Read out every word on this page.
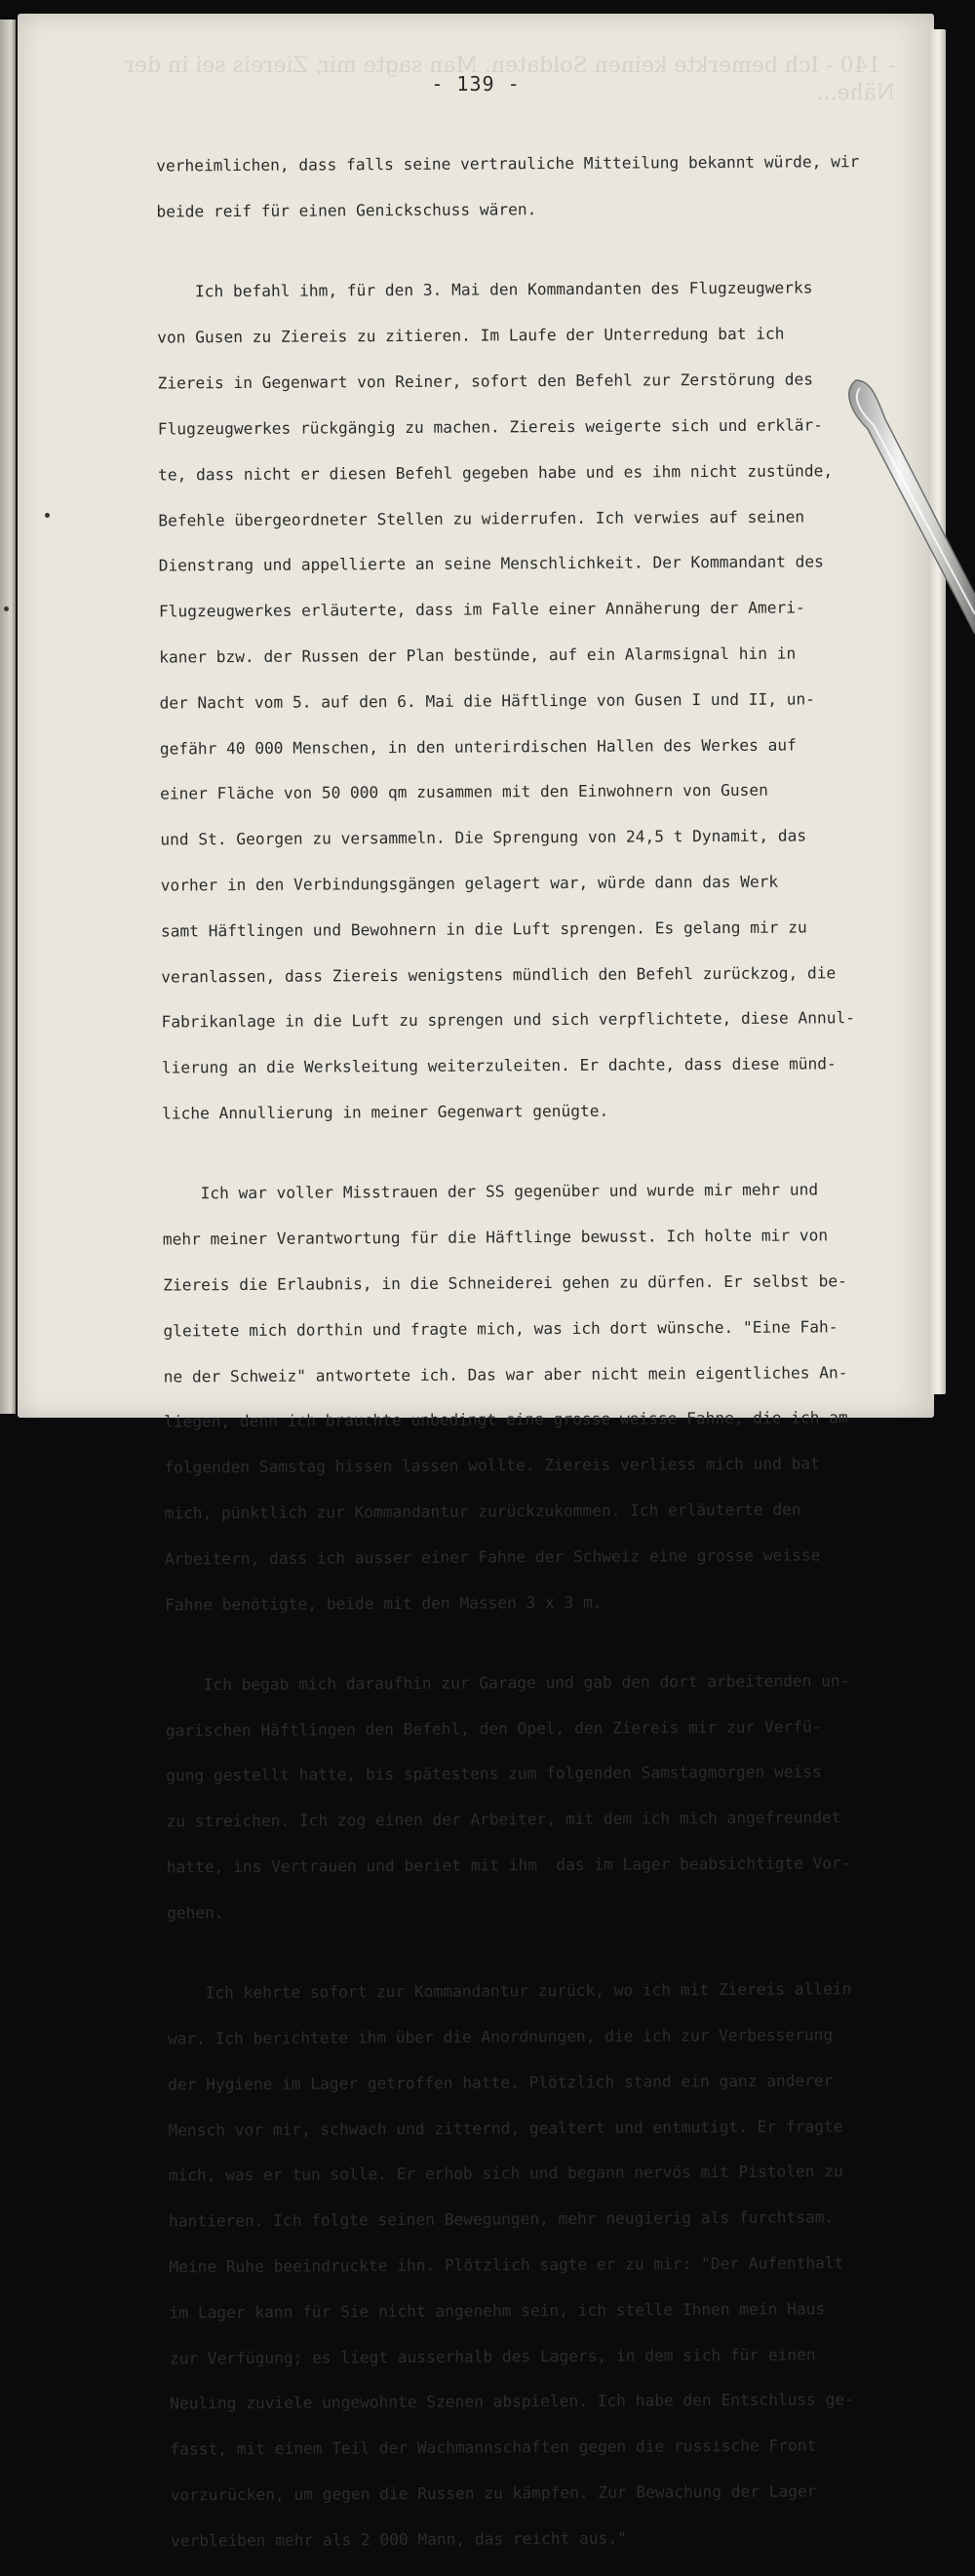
- 140 - Ich bemerkte keinen Soldaten. Man sagte mir, Ziereis sei in der Nähe...
- 139 -

verheimlichen, dass falls seine vertrauliche Mitteilung bekannt würde, wir

beide reif für einen Genickschuss wären.

Ich befahl ihm, für den 3. Mai den Kommandanten des Flugzeugwerks

von Gusen zu Ziereis zu zitieren. Im Laufe der Unterredung bat ich

Ziereis in Gegenwart von Reiner, sofort den Befehl zur Zerstörung des

Flugzeugwerkes rückgängig zu machen. Ziereis weigerte sich und erklär-

te, dass nicht er diesen Befehl gegeben habe und es ihm nicht zustünde,

Befehle übergeordneter Stellen zu widerrufen. Ich verwies auf seinen

Dienstrang und appellierte an seine Menschlichkeit. Der Kommandant des

Flugzeugwerkes erläuterte, dass im Falle einer Annäherung der Ameri-

kaner bzw. der Russen der Plan bestünde, auf ein Alarmsignal hin in

der Nacht vom 5. auf den 6. Mai die Häftlinge von Gusen I und II, un-

gefähr 40 000 Menschen, in den unterirdischen Hallen des Werkes auf

einer Fläche von 50 000 qm zusammen mit den Einwohnern von Gusen

und St. Georgen zu versammeln. Die Sprengung von 24,5 t Dynamit, das

vorher in den Verbindungsgängen gelagert war, würde dann das Werk

samt Häftlingen und Bewohnern in die Luft sprengen. Es gelang mir zu

veranlassen, dass Ziereis wenigstens mündlich den Befehl zurückzog, die

Fabrikanlage in die Luft zu sprengen und sich verpflichtete, diese Annul-

lierung an die Werksleitung weiterzuleiten. Er dachte, dass diese münd-

liche Annullierung in meiner Gegenwart genügte.

Ich war voller Misstrauen der SS gegenüber und wurde mir mehr und

mehr meiner Verantwortung für die Häftlinge bewusst. Ich holte mir von

Ziereis die Erlaubnis, in die Schneiderei gehen zu dürfen. Er selbst be-

gleitete mich dorthin und fragte mich, was ich dort wünsche. "Eine Fah-

ne der Schweiz" antwortete ich. Das war aber nicht mein eigentliches An-

liegen, denn ich brauchte unbedingt eine grosse weisse Fahne, die ich am

folgenden Samstag hissen lassen wollte. Ziereis verliess mich und bat

mich, pünktlich zur Kommandantur zurückzukommen. Ich erläuterte den

Arbeitern, dass ich ausser einer Fahne der Schweiz eine grosse weisse

Fahne benötigte, beide mit den Massen 3 x 3 m.

Ich begab mich daraufhin zur Garage und gab den dort arbeitenden un-

garischen Häftlingen den Befehl, den Opel, den Ziereis mir zur Verfü-

gung gestellt hatte, bis spätestens zum folgenden Samstagmorgen weiss

zu streichen. Ich zog einen der Arbeiter, mit dem ich mich angefreundet

hatte, ins Vertrauen und beriet mit ihm  das im Lager beabsichtigte Vor-

gehen.

Ich kehrte sofort zur Kommandantur zurück, wo ich mit Ziereis allein

war. Ich berichtete ihm über die Anordnungen, die ich zur Verbesserung

der Hygiene im Lager getroffen hatte. Plötzlich stand ein ganz anderer

Mensch vor mir, schwach und zitternd, gealtert und entmutigt. Er fragte

mich, was er tun solle. Er erhob sich und begann nervös mit Pistolen zu

hantieren. Ich folgte seinen Bewegungen, mehr neugierig als furchtsam.

Meine Ruhe beeindruckte ihn. Plötzlich sagte er zu mir: "Der Aufenthalt

im Lager kann für Sie nicht angenehm sein, ich stelle Ihnen mein Haus

zur Verfügung; es liegt ausserhalb des Lagers, in dem sich für einen

Neuling zuviele ungewohnte Szenen abspielen. Ich habe den Entschluss ge-

fasst, mit einem Teil der Wachmannschaften gegen die russische Front

vorzurücken, um gegen die Russen zu kämpfen. Zur Bewachung der Lager

verbleiben mehr als 2 000 Mann, das reicht aus."
